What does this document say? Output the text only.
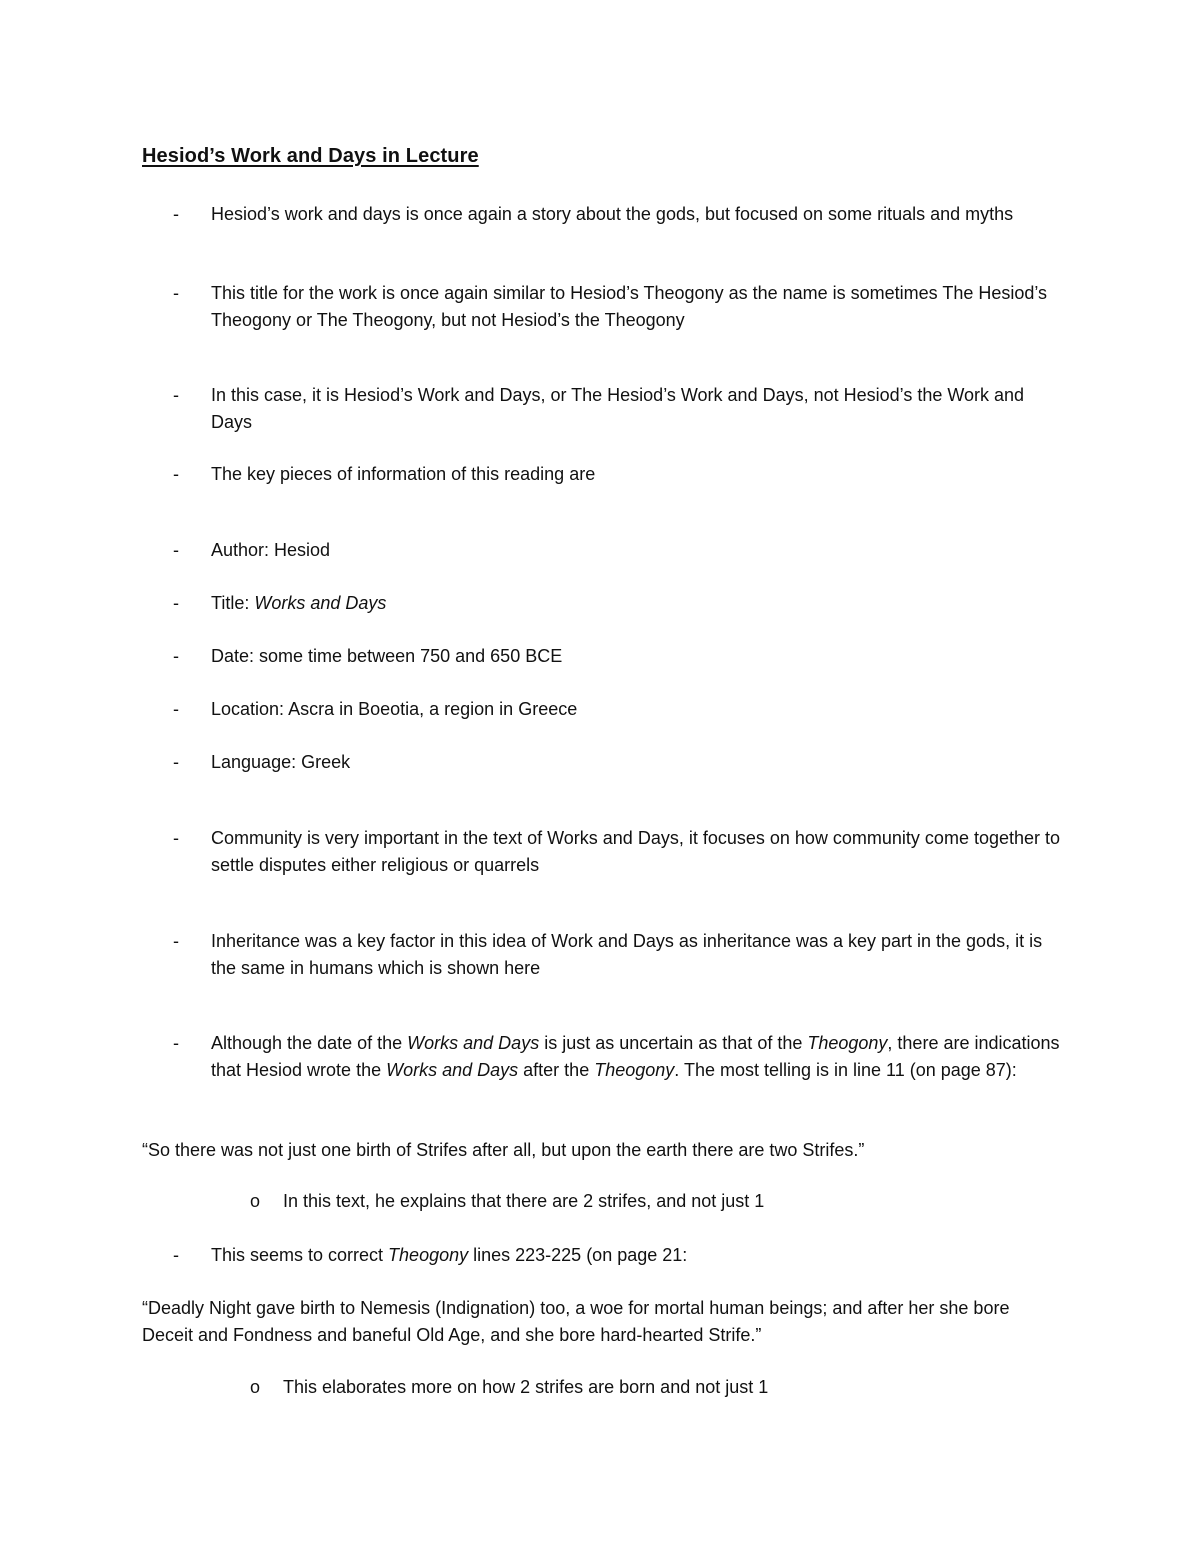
Hesiod’s Work and Days in Lecture
-	Hesiod’s work and days is once again a story about the gods, but focused on some rituals and myths
-	This title for the work is once again similar to Hesiod’s Theogony as the name is sometimes The Hesiod’s Theogony or The Theogony, but not Hesiod’s the Theogony
-	In this case, it is Hesiod’s Work and Days, or The Hesiod’s Work and Days, not Hesiod’s the Work and Days
-	The key pieces of information of this reading are
-	Author: Hesiod
-	Title: Works and Days
-	Date: some time between 750 and 650 BCE
-	Location: Ascra in Boeotia, a region in Greece
-	Language: Greek
-	Community is very important in the text of Works and Days, it focuses on how community come together to settle disputes either religious or quarrels
-	Inheritance was a key factor in this idea of Work and Days as inheritance was a key part in the gods, it is the same in humans which is shown here
-	Although the date of the Works and Days is just as uncertain as that of the Theogony, there are indications that Hesiod wrote the Works and Days after the Theogony. The most telling is in line 11 (on page 87):
“So there was not just one birth of Strifes after all, but upon the earth there are two Strifes.”
o	In this text, he explains that there are 2 strifes, and not just 1
-	This seems to correct Theogony lines 223-225 (on page 21:
“Deadly Night gave birth to Nemesis (Indignation) too, a woe for mortal human beings; and after her she bore Deceit and Fondness and baneful Old Age, and she bore hard-hearted Strife.”
o	This elaborates more on how 2 strifes are born and not just 1
